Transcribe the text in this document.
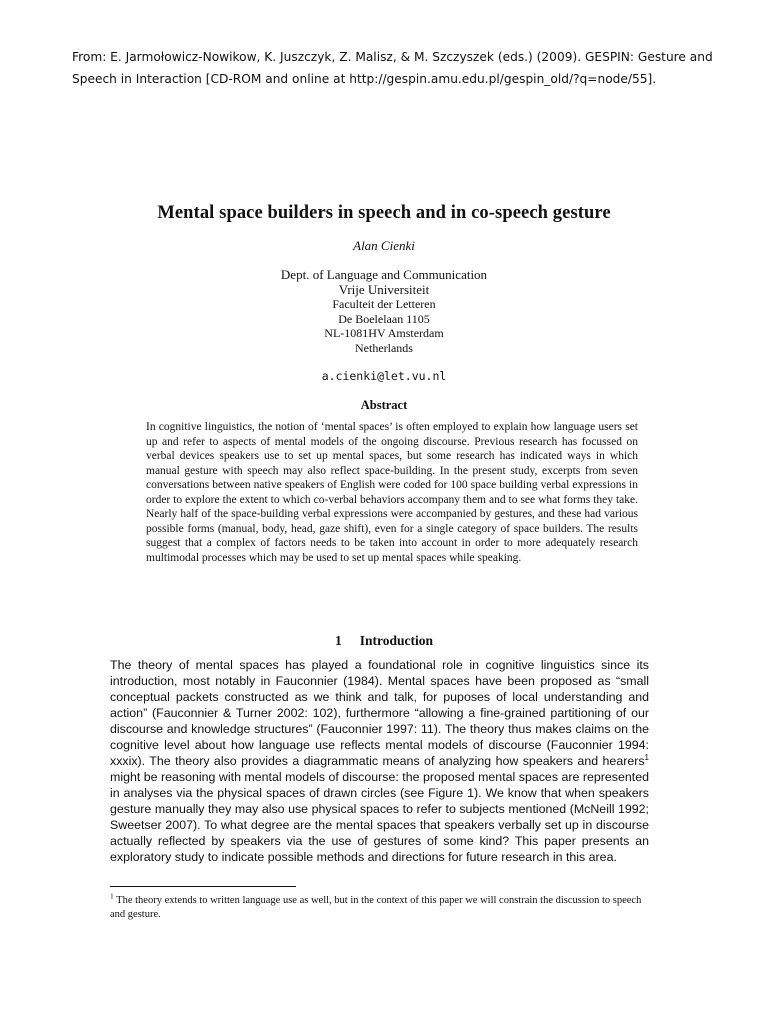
From: E. Jarmołowicz-Nowikow, K. Juszczyk, Z. Malisz, & M. Szczyszek (eds.) (2009). GESPIN: Gesture and Speech in Interaction [CD-ROM and online at http://gespin.amu.edu.pl/gespin_old/?q=node/55].
Mental space builders in speech and in co-speech gesture
Alan Cienki
Dept. of Language and Communication
Vrije Universiteit
Faculteit der Letteren
De Boelelaan 1105
NL-1081HV Amsterdam
Netherlands
a.cienki@let.vu.nl
Abstract
In cognitive linguistics, the notion of ‘mental spaces’ is often employed to explain how language users set up and refer to aspects of mental models of the ongoing discourse. Previous research has focussed on verbal devices speakers use to set up mental spaces, but some research has indicated ways in which manual gesture with speech may also reflect space-building. In the present study, excerpts from seven conversations between native speakers of English were coded for 100 space building verbal expressions in order to explore the extent to which co-verbal behaviors accompany them and to see what forms they take. Nearly half of the space-building verbal expressions were accompanied by gestures, and these had various possible forms (manual, body, head, gaze shift), even for a single category of space builders. The results suggest that a complex of factors needs to be taken into account in order to more adequately research multimodal processes which may be used to set up mental spaces while speaking.
1 Introduction
The theory of mental spaces has played a foundational role in cognitive linguistics since its introduction, most notably in Fauconnier (1984). Mental spaces have been proposed as “small conceptual packets constructed as we think and talk, for puposes of local understanding and action” (Fauconnier & Turner 2002: 102), furthermore “allowing a fine-grained partitioning of our discourse and knowledge structures” (Fauconnier 1997: 11). The theory thus makes claims on the cognitive level about how language use reflects mental models of discourse (Fauconnier 1994: xxxix). The theory also provides a diagrammatic means of analyzing how speakers and hearers$^1$ might be reasoning with mental models of discourse: the proposed mental spaces are represented in analyses via the physical spaces of drawn circles (see Figure 1). We know that when speakers gesture manually they may also use physical spaces to refer to subjects mentioned (McNeill 1992; Sweetser 2007). To what degree are the mental spaces that speakers verbally set up in discourse actually reflected by speakers via the use of gestures of some kind? This paper presents an exploratory study to indicate possible methods and directions for future research in this area.
$^1$ The theory extends to written language use as well, but in the context of this paper we will constrain the discussion to speech and gesture.
